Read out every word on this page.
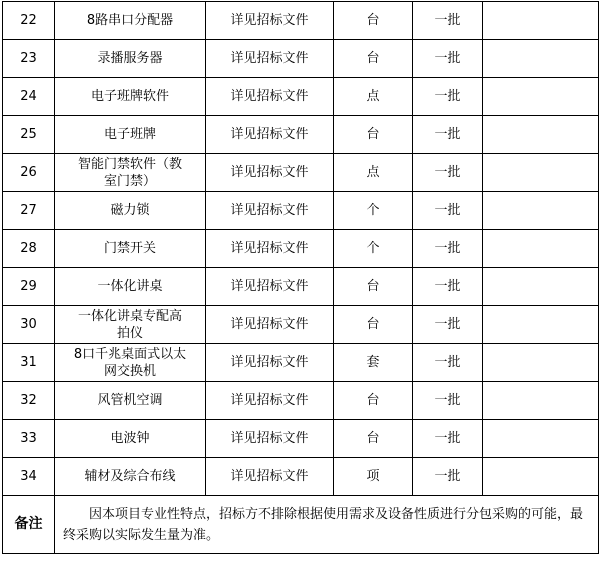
22	8路串口分配器	详见招标文件	台	一批	
23	录播服务器	详见招标文件	台	一批	
24	电子班牌软件	详见招标文件	点	一批	
25	电子班牌	详见招标文件	台	一批	
26	智能门禁软件（教室门禁）	详见招标文件	点	一批	
27	磁力锁	详见招标文件	个	一批	
28	门禁开关	详见招标文件	个	一批	
29	一体化讲桌	详见招标文件	台	一批	
30	一体化讲桌专配高拍仪	详见招标文件	台	一批	
31	8口千兆桌面式以太网交换机	详见招标文件	套	一批	
32	风管机空调	详见招标文件	台	一批	
33	电波钟	详见招标文件	台	一批	
34	辅材及综合布线	详见招标文件	项	一批	
备注	因本项目专业性特点，招标方不排除根据使用需求及设备性质进行分包采购的可能，最终采购以实际发生量为准。				
